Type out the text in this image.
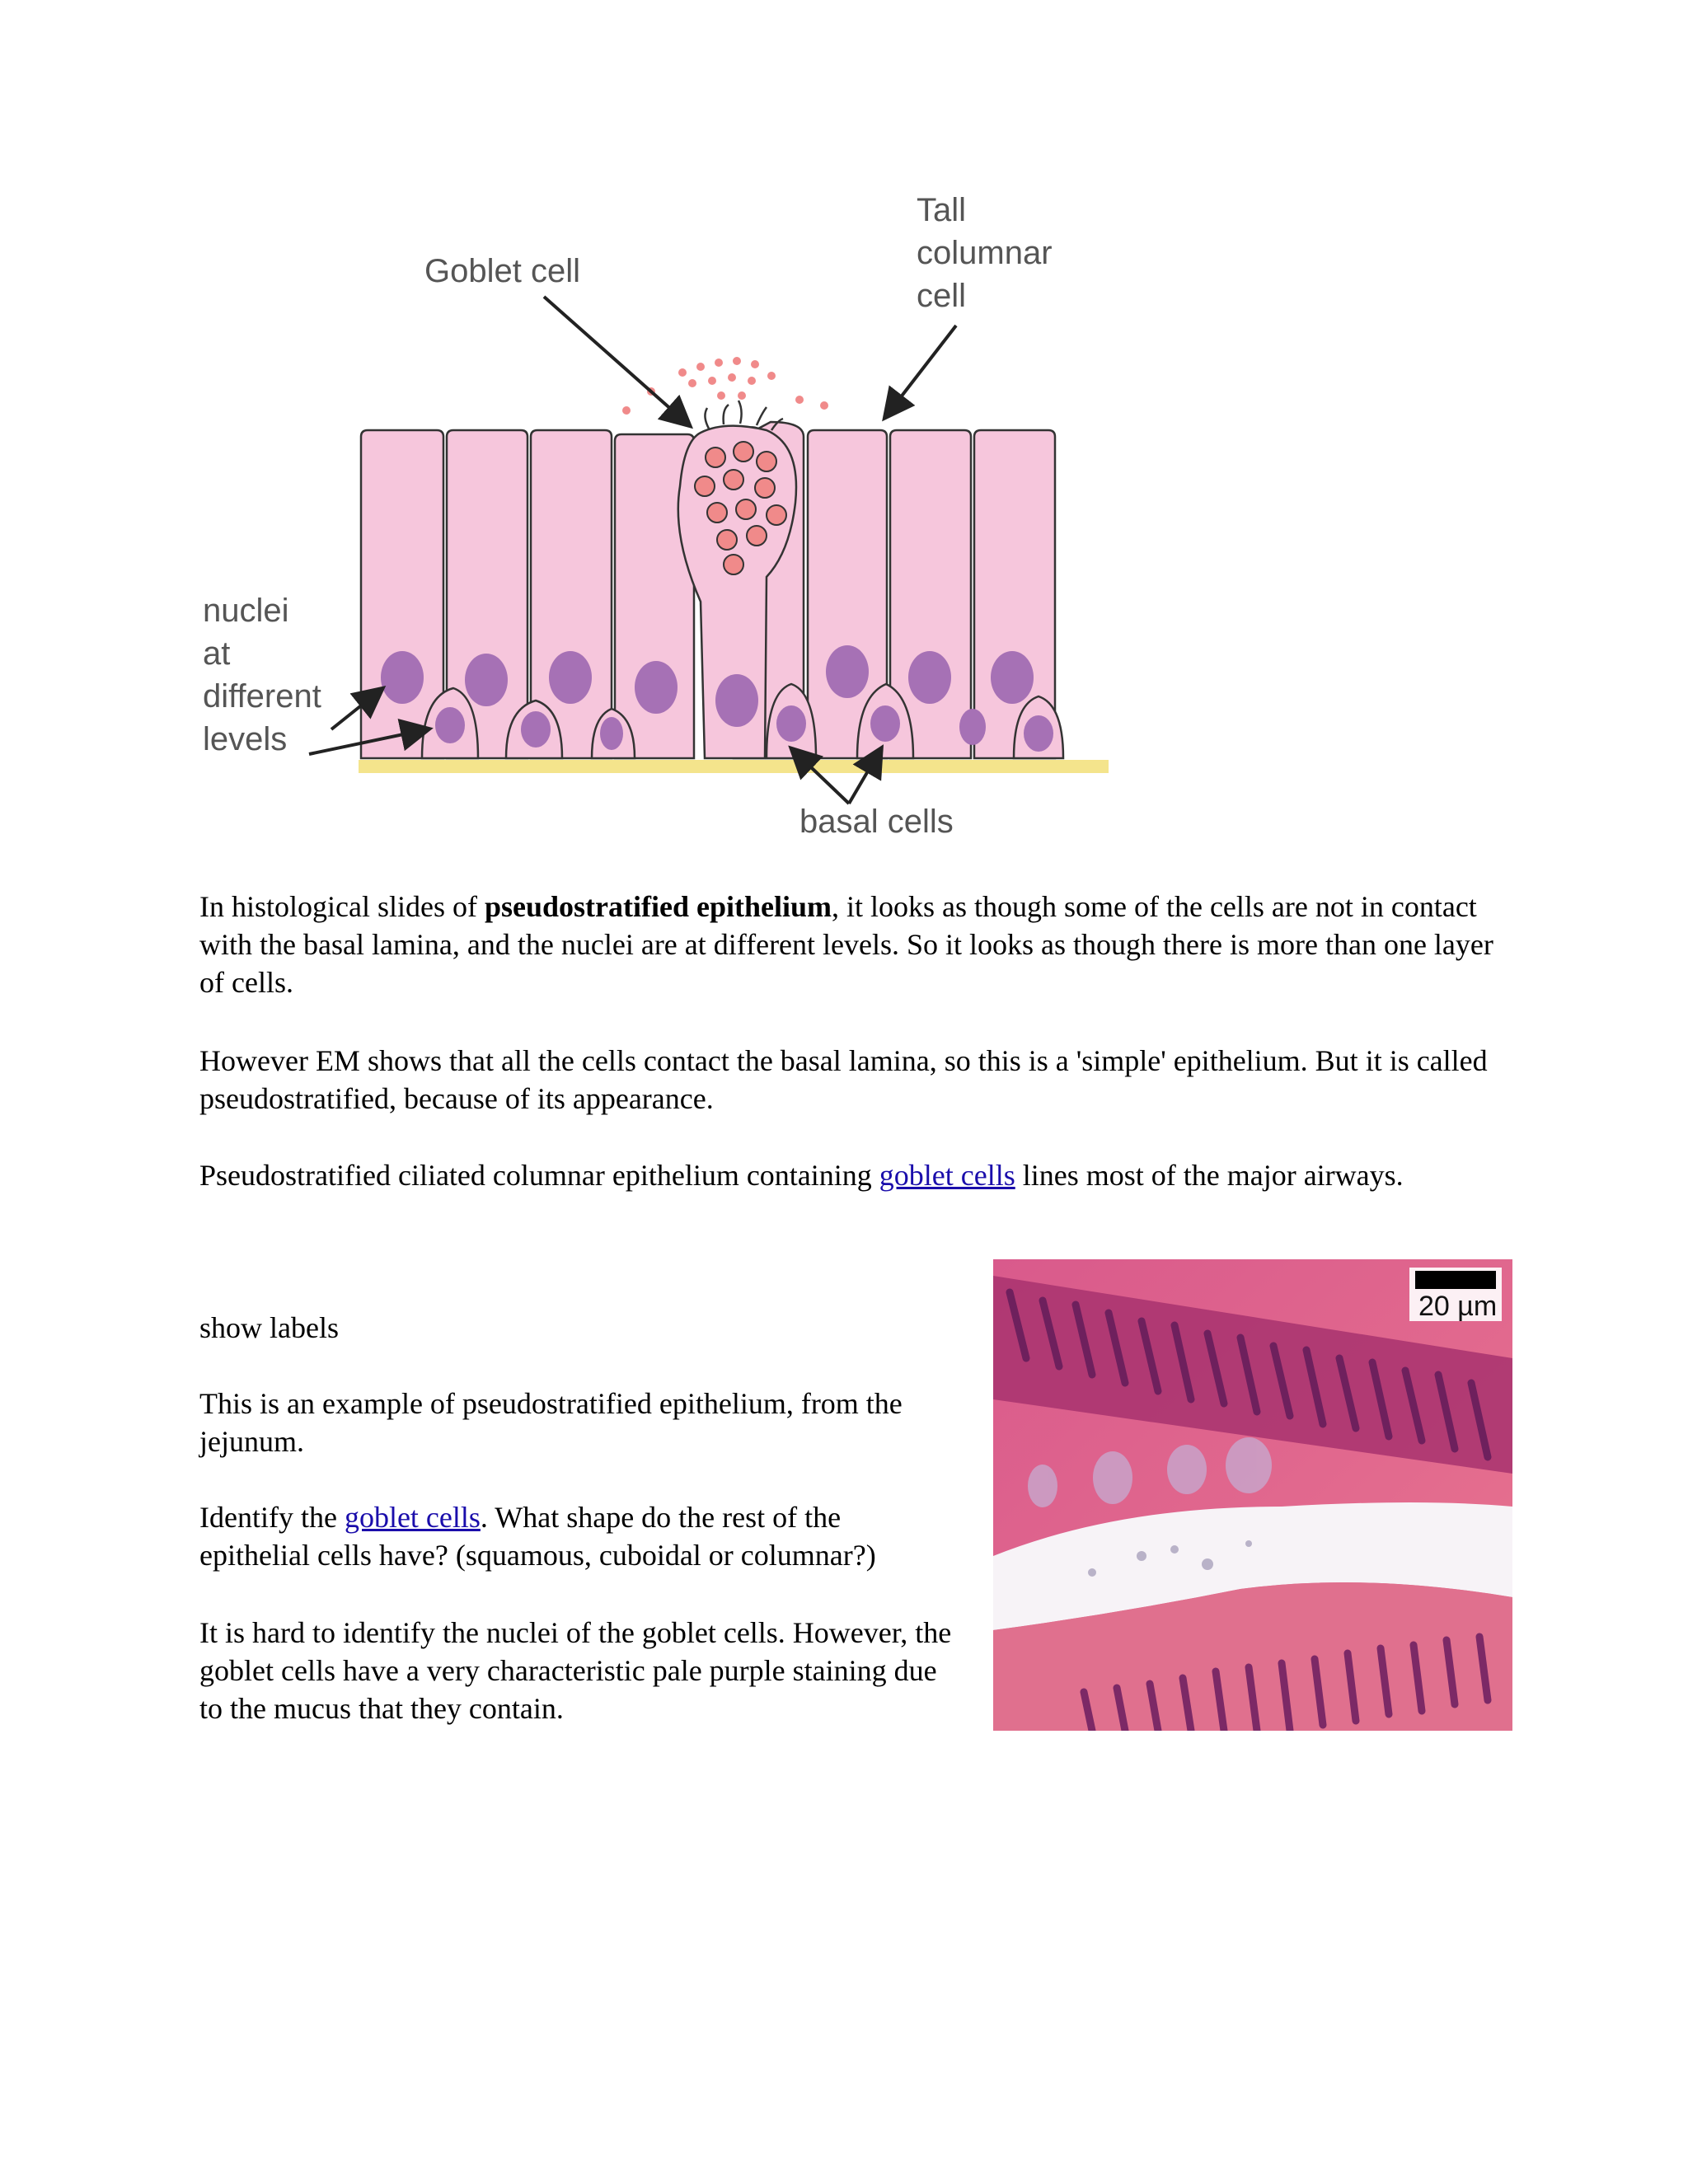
Goblet cell
Tall
columnar
cell
nuclei
at
different
levels
basal cells

In histological slides of pseudostratified epithelium, it looks as though some of the cells are not in contact with the basal lamina, and the nuclei are at different levels. So it looks as though there is more than one layer of cells.

However EM shows that all the cells contact the basal lamina, so this is a 'simple' epithelium. But it is called pseudostratified, because of its appearance.

Pseudostratified ciliated columnar epithelium containing goblet cells lines most of the major airways.

show labels

This is an example of pseudostratified epithelium, from the jejunum.

Identify the goblet cells. What shape do the rest of the epithelial cells have? (squamous, cuboidal or columnar?)

It is hard to identify the nuclei of the goblet cells. However, the goblet cells have a very characteristic pale purple staining due to the mucus that they contain.

20 µm
